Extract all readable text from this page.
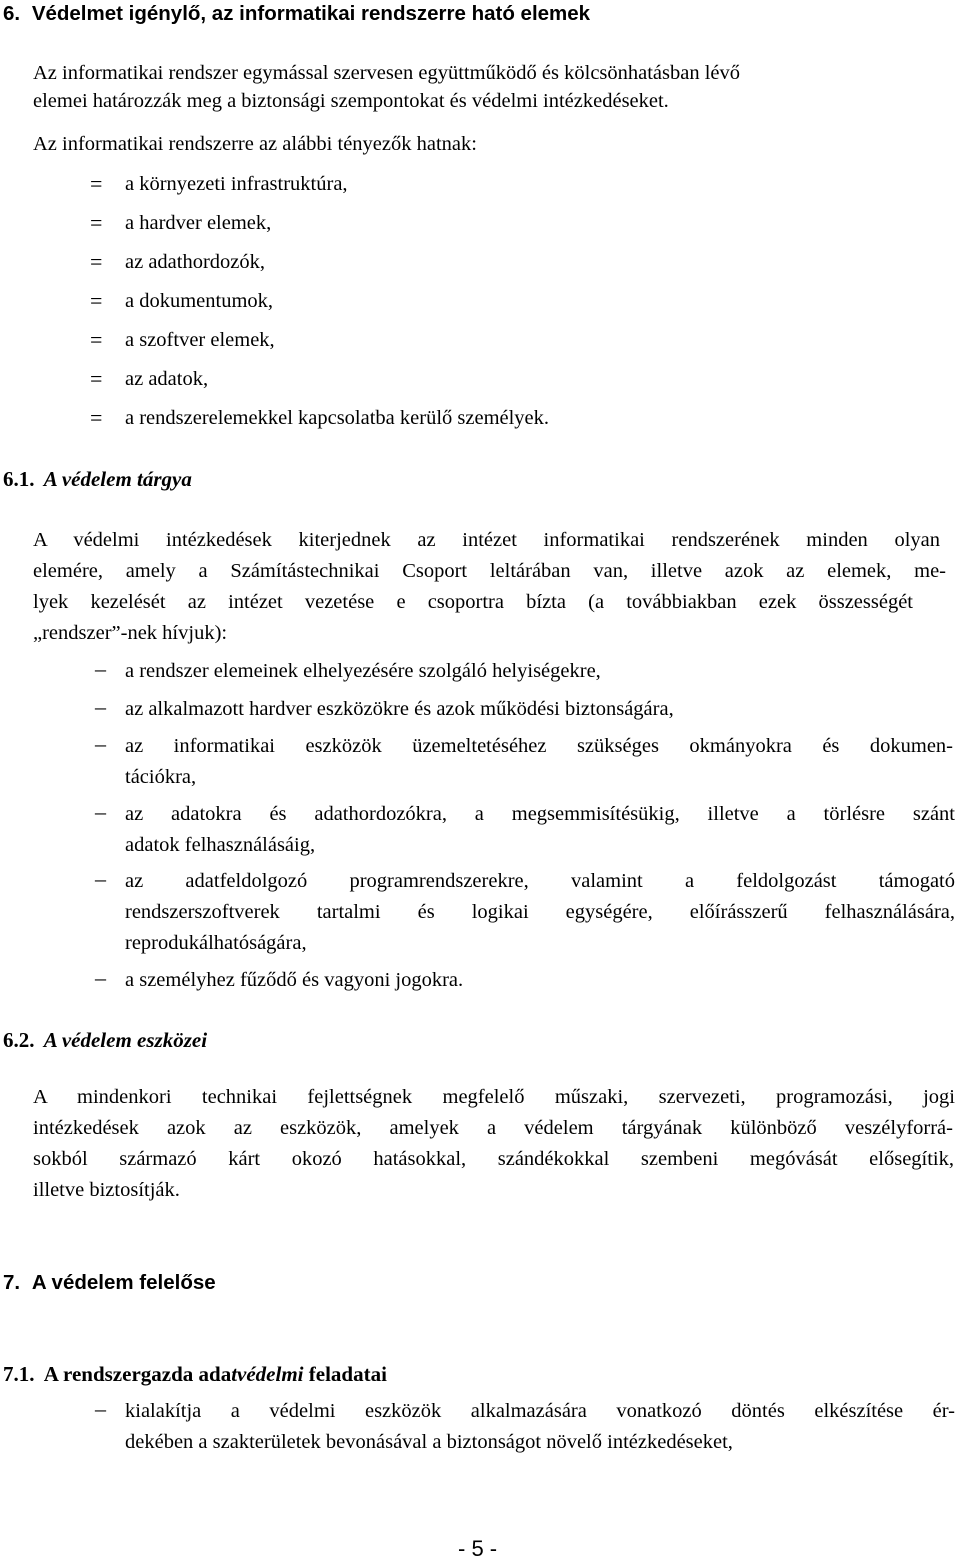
6. Védelmet igénylő, az informatikai rendszerre ható elemek
Az informatikai rendszer egymással szervesen együttműködő és kölcsönhatásban lévő
elemei határozzák meg a biztonsági szempontokat és védelmi intézkedéseket.
Az informatikai rendszerre az alábbi tényezők hatnak:
= a környezeti infrastruktúra,
= a hardver elemek,
= az adathordozók,
= a dokumentumok,
= a szoftver elemek,
= az adatok,
= a rendszerelemekkel kapcsolatba kerülő személyek.
6.1. A védelem tárgya
A védelmi intézkedések kiterjednek az intézet informatikai rendszerének minden olyan
elemére, amely a Számítástechnikai Csoport leltárában van, illetve azok az elemek, me-
lyek kezelését az intézet vezetése e csoportra bízta (a továbbiakban ezek összességét
„rendszer”-nek hívjuk):
– a rendszer elemeinek elhelyezésére szolgáló helyiségekre,
– az alkalmazott hardver eszközökre és azok működési biztonságára,
– az informatikai eszközök üzemeltetéséhez szükséges okmányokra és dokumen-
tációkra,
– az adatokra és adathordozókra, a megsemmisítésükig, illetve a törlésre szánt
adatok felhasználásáig,
– az adatfeldolgozó programrendszerekre, valamint a feldolgozást támogató
rendszerszoftverek tartalmi és logikai egységére, előírásszerű felhasználására,
reprodukálhatóságára,
– a személyhez fűződő és vagyoni jogokra.
6.2. A védelem eszközei
A mindenkori technikai fejlettségnek megfelelő műszaki, szervezeti, programozási, jogi
intézkedések azok az eszközök, amelyek a védelem tárgyának különböző veszélyforrá-
sokból származó kárt okozó hatásokkal, szándékokkal szembeni megóvását elősegítik,
illetve biztosítják.
7. A védelem felelőse
7.1. A rendszergazda adatvédelmi feladatai
– kialakítja a védelmi eszközök alkalmazására vonatkozó döntés elkészítése ér-
dekében a szakterületek bevonásával a biztonságot növelő intézkedéseket,
- 5 -
